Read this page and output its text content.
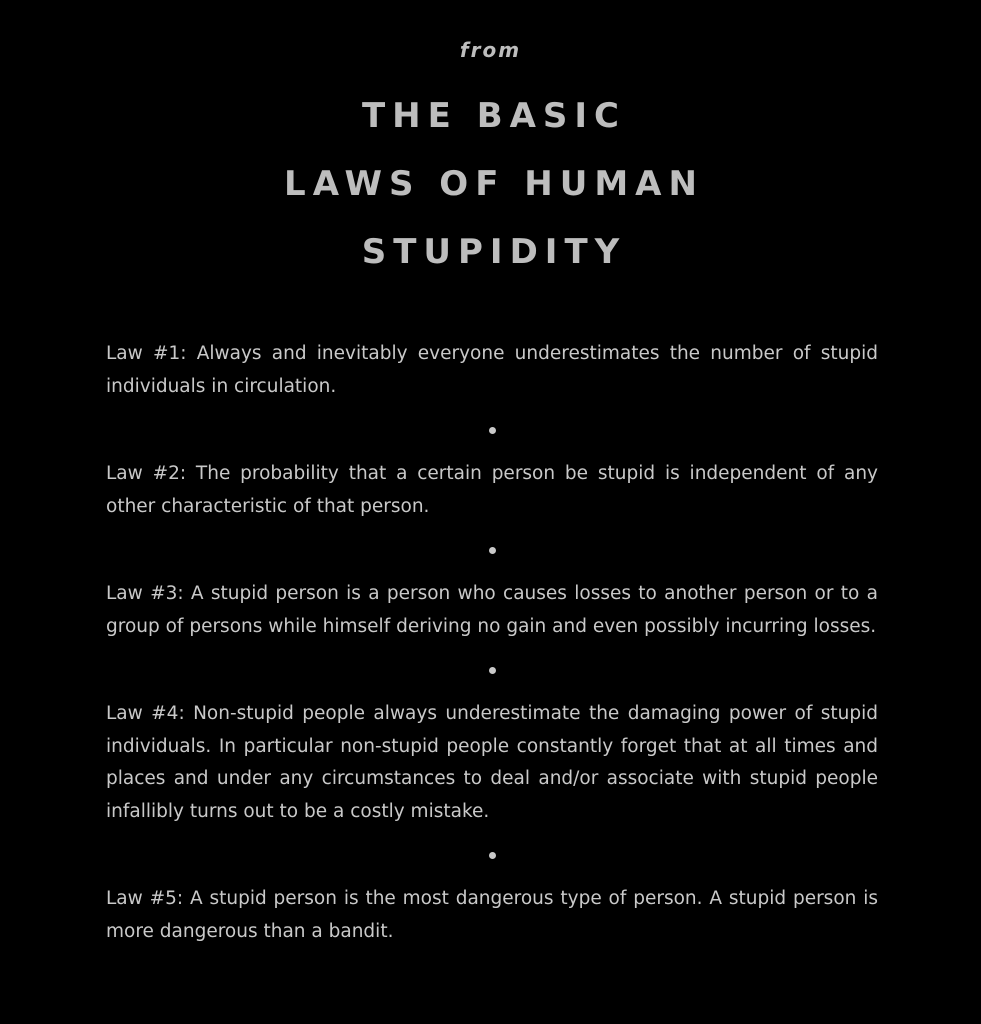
from
THE BASIC
LAWS OF HUMAN
STUPIDITY

Law #1: Always and inevitably everyone underestimates the number of stupid individuals in circulation.

Law #2: The probability that a certain person be stupid is independent of any other characteristic of that person.

Law #3: A stupid person is a person who causes losses to another person or to a group of persons while himself deriving no gain and even possibly incurring losses.

Law #4: Non-stupid people always underestimate the damaging power of stupid individuals. In particular non-stupid people constantly forget that at all times and places and under any circumstances to deal and/or associate with stupid people infallibly turns out to be a costly mistake.

Law #5: A stupid person is the most dangerous type of person. A stupid person is more dangerous than a bandit.
